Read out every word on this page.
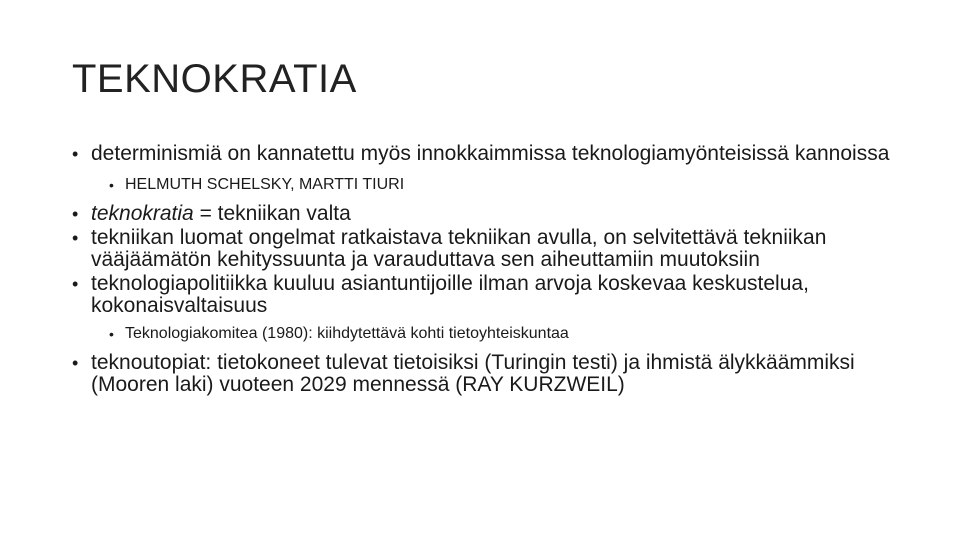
TEKNOKRATIA
• determinismiä on kannatettu myös innokkaimmissa teknologiamyönteisissä kannoissa
• HELMUTH SCHELSKY, MARTTI TIURI
• teknokratia = tekniikan valta
• tekniikan luomat ongelmat ratkaistava tekniikan avulla, on selvitettävä tekniikan vääjäämätön kehityssuunta ja varauduttava sen aiheuttamiin muutoksiin
• teknologiapolitiikka kuuluu asiantuntijoille ilman arvoja koskevaa keskustelua, kokonaisvaltaisuus
• Teknologiakomitea (1980): kiihdytettävä kohti tietoyhteiskuntaa
• teknoutopiat: tietokoneet tulevat tietoisiksi (Turingin testi) ja ihmistä älykkäämmiksi (Mooren laki) vuoteen 2029 mennessä (RAY KURZWEIL)
